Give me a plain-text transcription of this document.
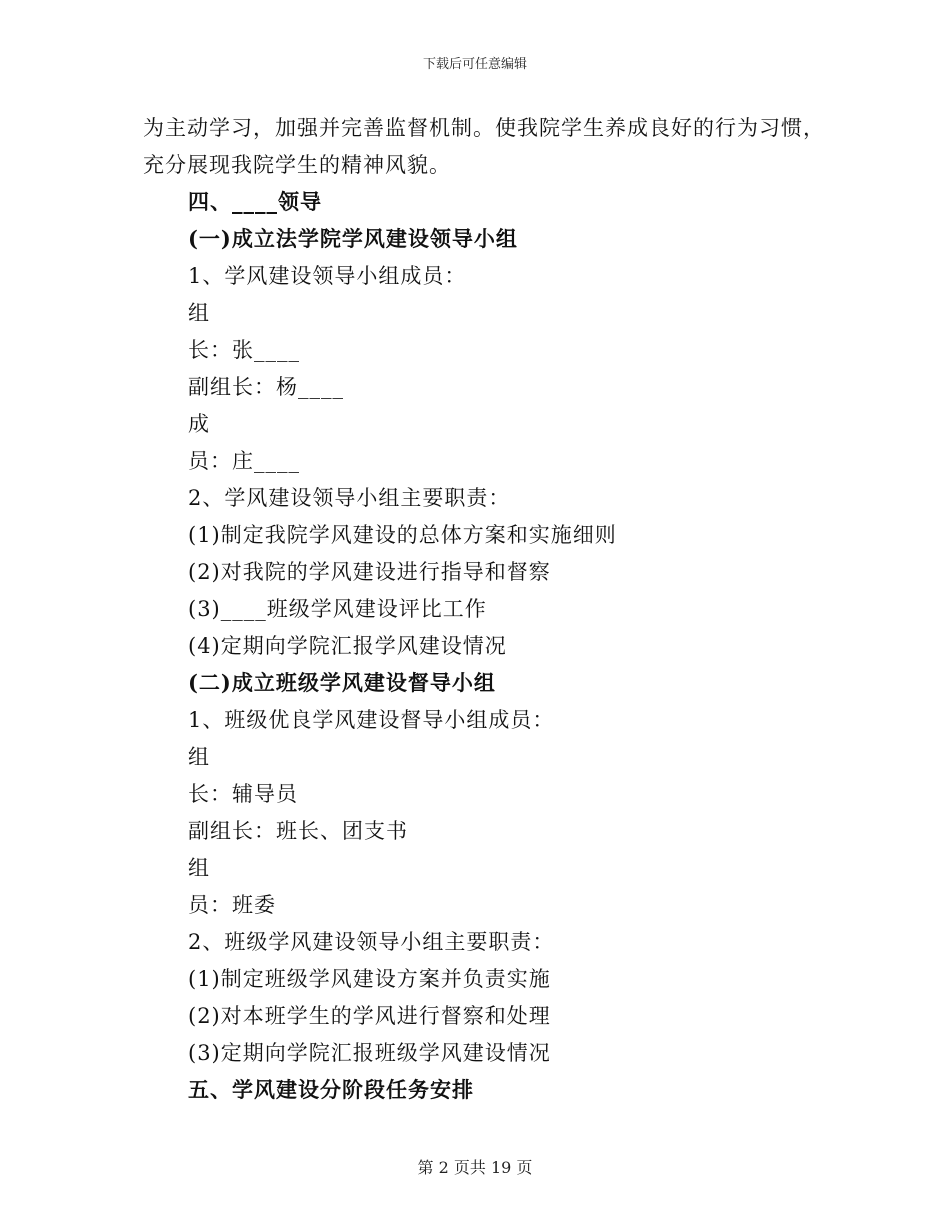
下载后可任意编辑
为主动学习，加强并完善监督机制。使我院学生养成良好的行为习惯，
充分展现我院学生的精神风貌。
四、____领导
(一)成立法学院学风建设领导小组
1、学风建设领导小组成员：
组
长：张____
副组长：杨____
成
员：庄____
2、学风建设领导小组主要职责：
(1)制定我院学风建设的总体方案和实施细则
(2)对我院的学风建设进行指导和督察
(3)____班级学风建设评比工作
(4)定期向学院汇报学风建设情况
(二)成立班级学风建设督导小组
1、班级优良学风建设督导小组成员：
组
长：辅导员
副组长：班长、团支书
组
员：班委
2、班级学风建设领导小组主要职责：
(1)制定班级学风建设方案并负责实施
(2)对本班学生的学风进行督察和处理
(3)定期向学院汇报班级学风建设情况
五、学风建设分阶段任务安排
第 2 页共 19 页
